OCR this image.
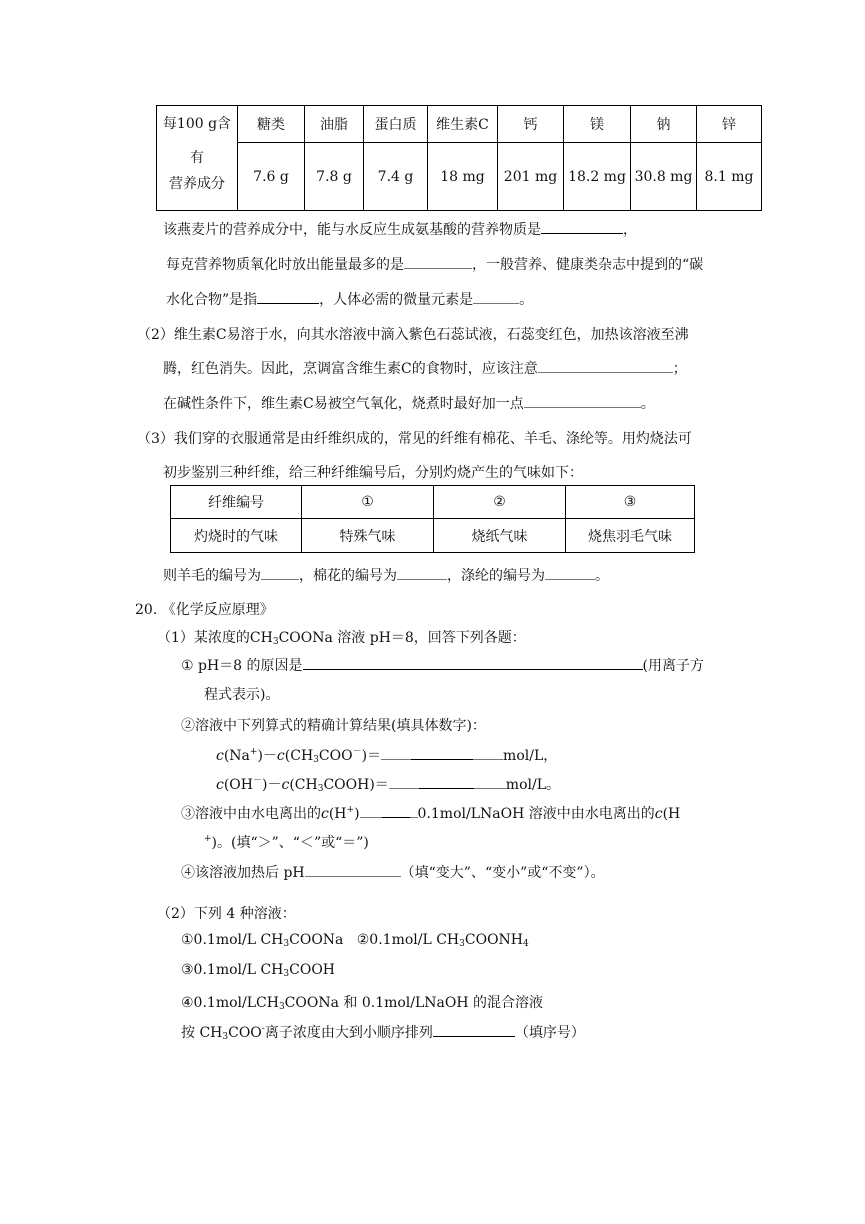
每100 g含
有
营养成分	糖类	油脂	蛋白质	维生素C	钙	镁	钠	锌
	7.6 g	7.8 g	7.4 g	18 mg	201 mg	18.2 mg	30.8 mg	8.1 mg
该燕麦片的营养成分中，能与水反应生成氨基酸的营养物质是	，
每克营养物质氧化时放出能量最多的是	，一般营养、健康类杂志中提到的“碳
水化合物”是指	，人体必需的微量元素是	。
（2）维生素C易溶于水，向其水溶液中滴入紫色石蕊试液，石蕊变红色，加热该溶液至沸
腾，红色消失。因此，烹调富含维生素C的食物时，应该注意	；
在碱性条件下，维生素C易被空气氧化，烧煮时最好加一点	。
（3）我们穿的衣服通常是由纤维织成的，常见的纤维有棉花、羊毛、涤纶等。用灼烧法可
初步鉴别三种纤维，给三种纤维编号后，分别灼烧产生的气味如下：
纤维编号	①	②	③
灼烧时的气味	特殊气味	烧纸气味	烧焦羽毛气味
则羊毛的编号为	，棉花的编号为	，涤纶的编号为	。
20. 《化学反应原理》
（1）某浓度的$CH_3COONa$ 溶液 pH＝8，回答下列各题：
① pH＝8 的原因是	(用离子方
程式表示)。
②溶液中下列算式的精确计算结果(填具体数字)：
$c(Na^+)-c(CH_3COO^-)=$	mol/L，
$c(OH^-)-c(CH_3COOH)=$	mol/L。
③溶液中由水电离出的c(H+)	0.1mol/LNaOH 溶液中由水电离出的c(H
+)。(填“＞”、“＜”或“＝”)
④该溶液加热后 pH	（填“变大”、“变小”或“不变”）。
（2）下列 4 种溶液：
①0.1mol/L $CH_3COONa$ ②0.1mol/L $CH_3COONH_4$
③0.1mol/L $CH_3COOH$
$④0.1mol/LCH_3COONa$ 和 0.1mol/LNaOH 的混合溶液
按 $CH_3COO^-$离子浓度由大到小顺序排列	（填序号）
